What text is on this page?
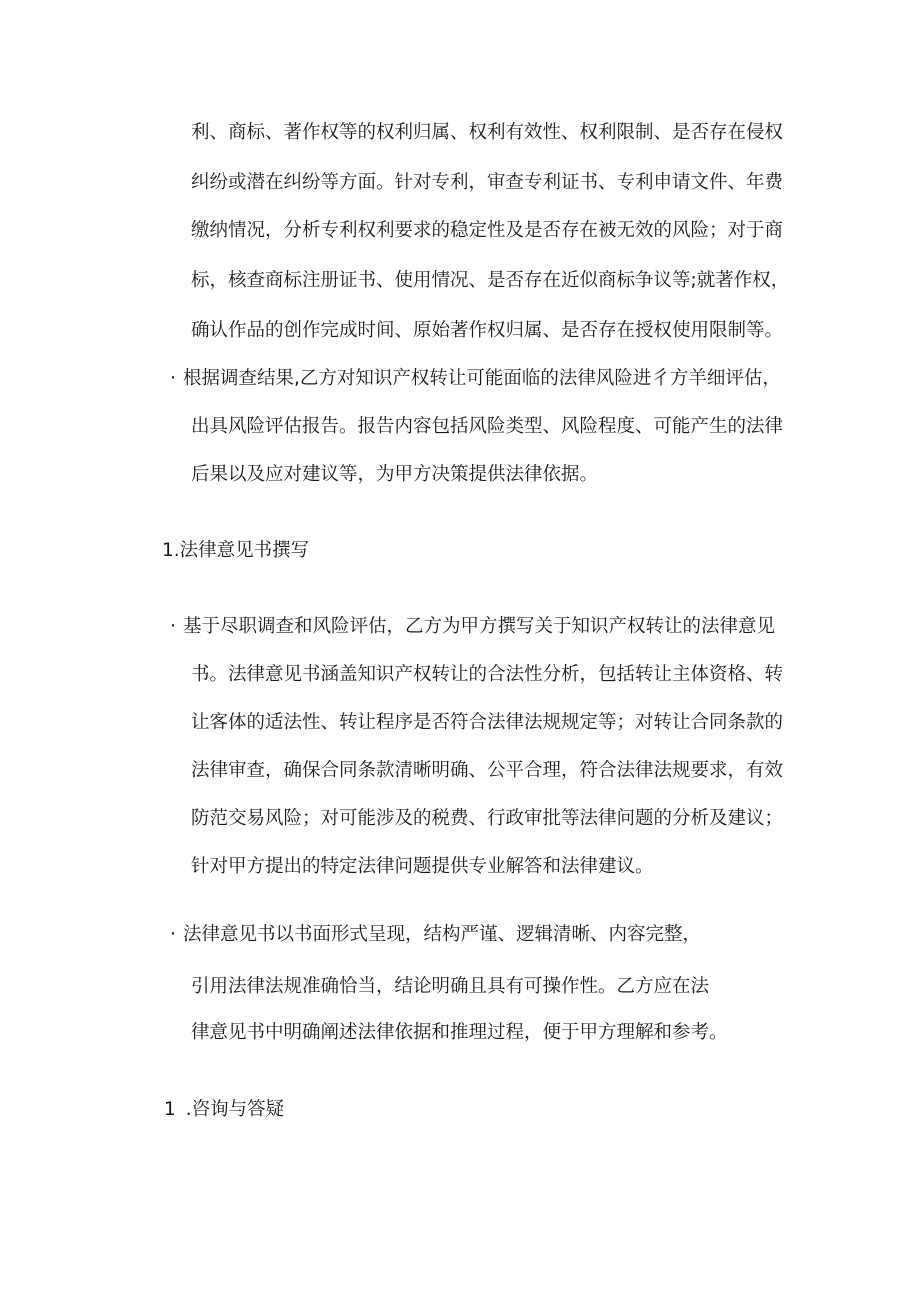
利、商标、著作权等的权利归属、权利有效性、权利限制、是否存在侵权
纠纷或潜在纠纷等方面。针对专利，审查专利证书、专利申请文件、年费
缴纳情况，分析专利权利要求的稳定性及是否存在被无效的风险；对于商
标，核查商标注册证书、使用情况、是否存在近似商标争议等;就著作权，
确认作品的创作完成时间、原始著作权归属、是否存在授权使用限制等。
· 根据调查结果,乙方对知识产权转让可能面临的法律风险进彳方羊细评估，
出具风险评估报告。报告内容包括风险类型、风险程度、可能产生的法律
后果以及应对建议等，为甲方决策提供法律依据。
1.法律意见书撰写
· 基于尽职调查和风险评估，乙方为甲方撰写关于知识产权转让的法律意见
书。法律意见书涵盖知识产权转让的合法性分析，包括转让主体资格、转
让客体的适法性、转让程序是否符合法律法规规定等；对转让合同条款的
法律审查，确保合同条款清晰明确、公平合理，符合法律法规要求，有效
防范交易风险；对可能涉及的税费、行政审批等法律问题的分析及建议；
针对甲方提出的特定法律问题提供专业解答和法律建议。
· 法律意见书以书面形式呈现，结构严谨、逻辑清晰、内容完整，
引用法律法规准确恰当，结论明确且具有可操作性。乙方应在法
律意见书中明确阐述法律依据和推理过程，便于甲方理解和参考。
1 .咨询与答疑
